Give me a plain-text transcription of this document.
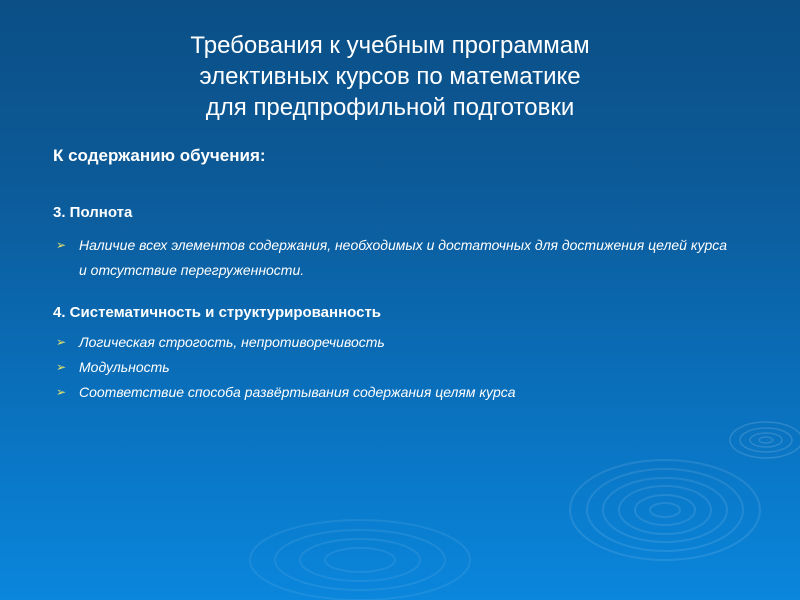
Требования к учебным программам
элективных курсов по математике
для предпрофильной подготовки
К содержанию обучения:
3. Полнота
➢ Наличие всех элементов содержания, необходимых и достаточных для достижения целей курса и отсутствие перегруженности.
4. Систематичность и структурированность
➢ Логическая строгость, непротиворечивость
➢ Модульность
➢ Соответствие способа развёртывания содержания целям курса
